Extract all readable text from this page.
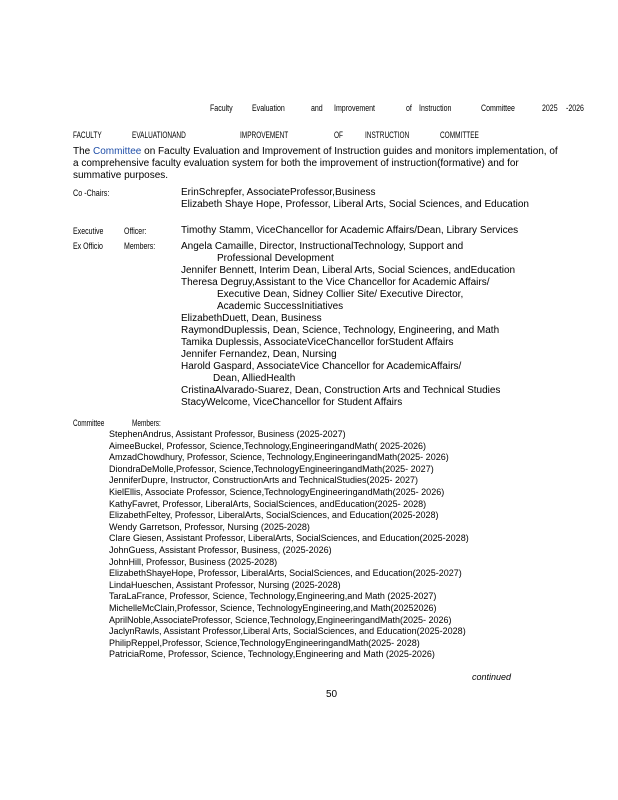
Faculty Evaluation	and Improvement	of Instruction	Committee	2025 -2026
FACULTY	EVALUATIONAND	IMPROVEMENT	OF INSTRUCTION	COMMITTEE
The Committee on Faculty Evaluation and Improvement of Instruction guides and monitors implementation, of
a comprehensive faculty evaluation system for both the improvement of instruction(formative) and for
summative purposes.
Co -Chairs:	ErinSchrepfer, AssociateProfessor,Business
Elizabeth Shaye Hope, Professor, Liberal Arts, Social Sciences, and Education
Executive Officer:	Timothy Stamm, ViceChancellor for Academic Affairs/Dean, Library Services
Ex Officio Members:	Angela Camaille, Director, InstructionalTechnology, Support and
Professional Development
Jennifer Bennett, Interim Dean, Liberal Arts, Social Sciences, andEducation
Theresa Degruy,Assistant to the Vice Chancellor for Academic Affairs/
Executive Dean, Sidney Collier Site/ Executive Director,
Academic SuccessInitiatives
ElizabethDuett, Dean, Business
RaymondDuplessis, Dean, Science, Technology, Engineering, and Math
Tamika Duplessis, AssociateViceChancellor forStudent Affairs
Jennifer Fernandez, Dean, Nursing
Harold Gaspard, AssociateVice Chancellor for AcademicAffairs/
Dean, AlliedHealth
CristinaAlvarado-Suarez, Dean, Construction Arts and Technical Studies
StacyWelcome, ViceChancellor for Student Affairs
Committee	Members:
StephenAndrus, Assistant Professor, Business (2025-2027)
AimeeBuckel, Professor, Science,Technology,EngineeringandMath( 2025-2026)
AmzadChowdhury, Professor, Science, Technology,EngineeringandMath(2025- 2026)
DiondraDeMolle,Professor, Science,TechnologyEngineeringandMath(2025- 2027)
JenniferDupre, Instructor, ConstructionArts and TechnicalStudies(2025- 2027)
KielEllis, Associate Professor, Science,TechnologyEngineeringandMath(2025- 2026)
KathyFavret, Professor, LiberalArts, SocialSciences, andEducation(2025- 2028)
ElizabethFeltey, Professor, LiberalArts, SocialSciences, and Education(2025-2028)
Wendy Garretson, Professor, Nursing (2025-2028)
Clare Giesen, Assistant Professor, LiberalArts, SocialSciences, and Education(2025-2028)
JohnGuess, Assistant Professor, Business, (2025-2026)
JohnHill, Professor, Business (2025-2028)
ElizabethShayeHope, Professor, LiberalArts, SocialSciences, and Education(2025-2027)
LindaHueschen, Assistant Professor, Nursing (2025-2028)
TaraLaFrance, Professor, Science, Technology,Engineering,and Math (2025-2027)
MichelleMcClain,Professor, Science, TechnologyEngineering,and Math(20252026)
AprilNoble,AssociateProfessor, Science,Technology,EngineeringandMath(2025- 2026)
JaclynRawls, Assistant Professor,Liberal Arts, SocialSciences, and Education(2025-2028)
PhilipReppel,Professor, Science,TechnologyEngineeringandMath(2025- 2028)
PatriciaRome, Professor, Science, Technology,Engineering and Math (2025-2026)
continued
50
